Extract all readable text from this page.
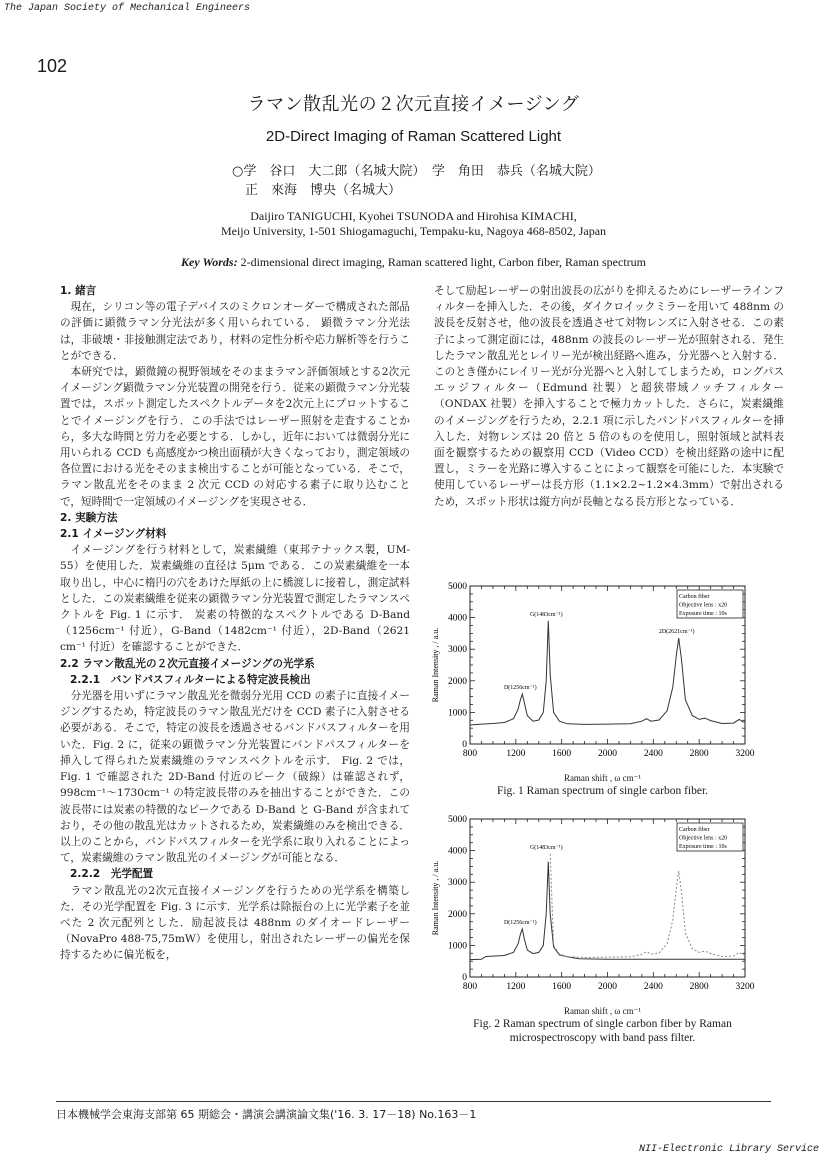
The Japan Society of Mechanical Engineers
102
ラマン散乱光の２次元直接イメージング
2D-Direct Imaging of Raman Scattered Light
○学　谷口　大二郎（名城大院）　学　角田　恭兵（名城大院）
　正　來海　博央（名城大）
Daijiro TANIGUCHI, Kyohei TSUNODA and Hirohisa KIMACHI,
Meijo University, 1-501 Shiogamaguchi, Tempaku-ku, Nagoya 468-8502, Japan
Key Words: 2-dimensional direct imaging, Raman scattered light, Carbon fiber, Raman spectrum

1. 緒言

現在，シリコン等の電子デバイスのミクロンオーダーで構成された部品の評価に顕微ラマン分光法が多く用いられている． 顕微ラマン分光法は，非破壊・非接触測定法であり，材料の定性分析や応力解析等を行うことができる．

本研究では，顕微鏡の視野領域をそのままラマン評価領域とする2次元イメージング顕微ラマン分光装置の開発を行う．従来の顕微ラマン分光装置では，スポット測定したスペクトルデータを2次元上にプロットすることでイメージングを行う．この手法ではレーザー照射を走査することから，多大な時間と労力を必要とする．しかし，近年においては微弱分光に用いられる CCD も高感度かつ検出面積が大きくなっており，測定領域の各位置における光をそのまま検出することが可能となっている．そこで，ラマン散乱光をそのまま 2 次元 CCD の対応する素子に取り込むことで，短時間で一定領域のイメージングを実現させる．

2. 実験方法

2.1 イメージング材料

イメージングを行う材料として，炭素繊維（東邦テナックス製，UM-55）を使用した．炭素繊維の直径は 5μm である．この炭素繊維を一本取り出し，中心に楕円の穴をあけた厚紙の上に橋渡しに接着し，測定試料とした．この炭素繊維を従来の顕微ラマン分光装置で測定したラマンスペクトルを Fig. 1 に示す． 炭素の特徴的なスペクトルである D-Band（1256cm⁻¹ 付近），G-Band（1482cm⁻¹ 付近），2D-Band（2621 cm⁻¹ 付近）を確認することができた．

2.2 ラマン散乱光の２次元直接イメージングの光学系

2.2.1　バンドパスフィルターによる特定波長検出

分光器を用いずにラマン散乱光を微弱分光用 CCD の素子に直接イメージングするため，特定波長のラマン散乱光だけを CCD 素子に入射させる必要がある．そこで，特定の波長を透過させるバンドパスフィルターを用いた．Fig. 2 に，従来の顕微ラマン分光装置にバンドパスフィルターを挿入して得られた炭素繊維のラマンスペクトルを示す． Fig. 2 では，Fig. 1 で確認された 2D-Band 付近のピーク（破線）は確認されず，998cm⁻¹～1730cm⁻¹ の特定波長帯のみを抽出することができた．この波長帯には炭素の特徴的なピークである D-Band と G-Band が含まれており，その他の散乱光はカットされるため，炭素繊維のみを検出できる．以上のことから，バンドパスフィルターを光学系に取り入れることによって，炭素繊維のラマン散乱光のイメージングが可能となる．

2.2.2　光学配置

ラマン散乱光の2次元直接イメージングを行うための光学系を構築した．その光学配置を Fig. 3 に示す．光学系は除振台の上に光学素子を並べた 2 次元配列とした．励起波長は 488nm のダイオードレーザー（NovaPro 488-75,75mW）を使用し，射出されたレーザーの偏光を保持するために偏光板を，

そして励起レーザーの射出波長の広がりを抑えるためにレーザーラインフィルターを挿入した．その後，ダイクロイックミラーを用いて 488nm の波長を反射させ，他の波長を透過させて対物レンズに入射させる．この素子によって測定面には，488nm の波長のレーザー光が照射される．発生したラマン散乱光とレイリー光が検出経路へ進み，分光器へと入射する．このとき僅かにレイリー光が分光器へと入射してしまうため，ロングパスエッジフィルター（Edmund 社製）と超狭帯域ノッチフィルター（ONDAX 社製）を挿入することで極力カットした．さらに，炭素繊維のイメージングを行うため，2.2.1 項に示したバンドパスフィルターを挿入した．対物レンズは 20 倍と 5 倍のものを使用し，照射領域と試料表面を観察するための観察用 CCD（Video CCD）を検出経路の途中に配置し，ミラーを光路に導入することによって観察を可能にした．本実験で使用しているレーザーは長方形（1.1×2.2~1.2×4.3mm）で射出されるため，スポット形状は縦方向が長軸となる長方形となっている．

800	1200	1600	2000	2400	2800	3200
0
1000
2000
3000
4000
5000
Raman Intensity , / a.u.	D(1256cm⁻¹)
G(1483cm⁻¹)
2D(2621cm⁻¹)
Carbon fiber
Objective lens : x20
Exposure time : 10s
Raman shift , ω cm⁻¹
Fig. 1 Raman spectrum of single carbon fiber.
800	1200	1600	2000	2400	2800	3200
0
1000
2000
3000
4000
5000
Raman Intensity , / a.u.	D(1256cm⁻¹)
G(1483cm⁻¹)
Carbon fiber
Objective lens : x20
Exposure time : 10s
Raman shift , ω cm⁻¹
Fig. 2 Raman spectrum of single carbon fiber by Raman microspectroscopy with band pass filter.
日本機械学会東海支部第 65 期総会・講演会講演論文集('16. 3. 17－18) No.163－1
NII-Electronic Library Service
